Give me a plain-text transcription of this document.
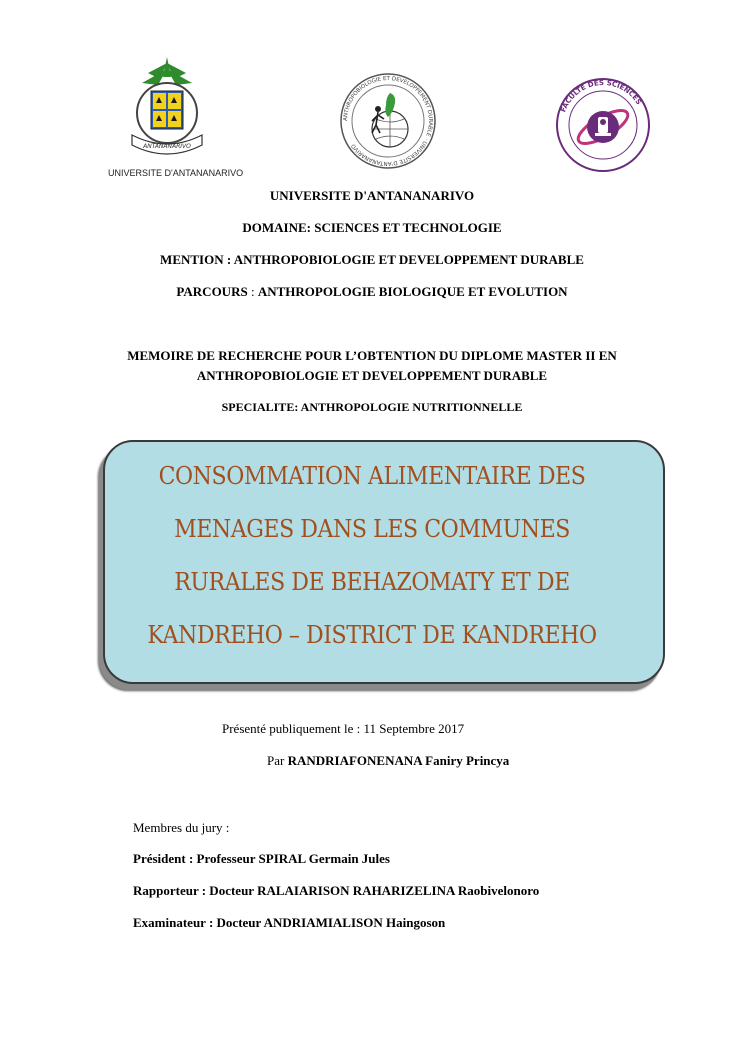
ANTANANARIVO
UNIVERSITE D'ANTANANARIVO
ANTHROPOBIOLOGIE ET DEVELOPPEMENT DURABLE · UNIVERSITE D'ANTANANARIVO
FACULTE DES SCIENCES
UNIVERSITE D'ANTANANARIVO
DOMAINE: SCIENCES ET TECHNOLOGIE
MENTION : ANTHROPOBIOLOGIE ET DEVELOPPEMENT DURABLE
PARCOURS : ANTHROPOLOGIE BIOLOGIQUE ET EVOLUTION
MEMOIRE DE RECHERCHE POUR L’OBTENTION DU DIPLOME MASTER II EN
ANTHROPOBIOLOGIE ET DEVELOPPEMENT DURABLE
SPECIALITE: ANTHROPOLOGIE NUTRITIONNELLE
CONSOMMATION ALIMENTAIRE DES
MENAGES DANS LES COMMUNES
RURALES DE BEHAZOMATY ET DE
KANDREHO – DISTRICT DE KANDREHO
Présenté publiquement le : 11 Septembre 2017
Par RANDRIAFONENANA Faniry Princya
Membres du jury :
Président : Professeur SPIRAL Germain Jules
Rapporteur : Docteur RALAIARISON RAHARIZELINA Raobivelonoro
Examinateur : Docteur ANDRIAMIALISON Haingoson
